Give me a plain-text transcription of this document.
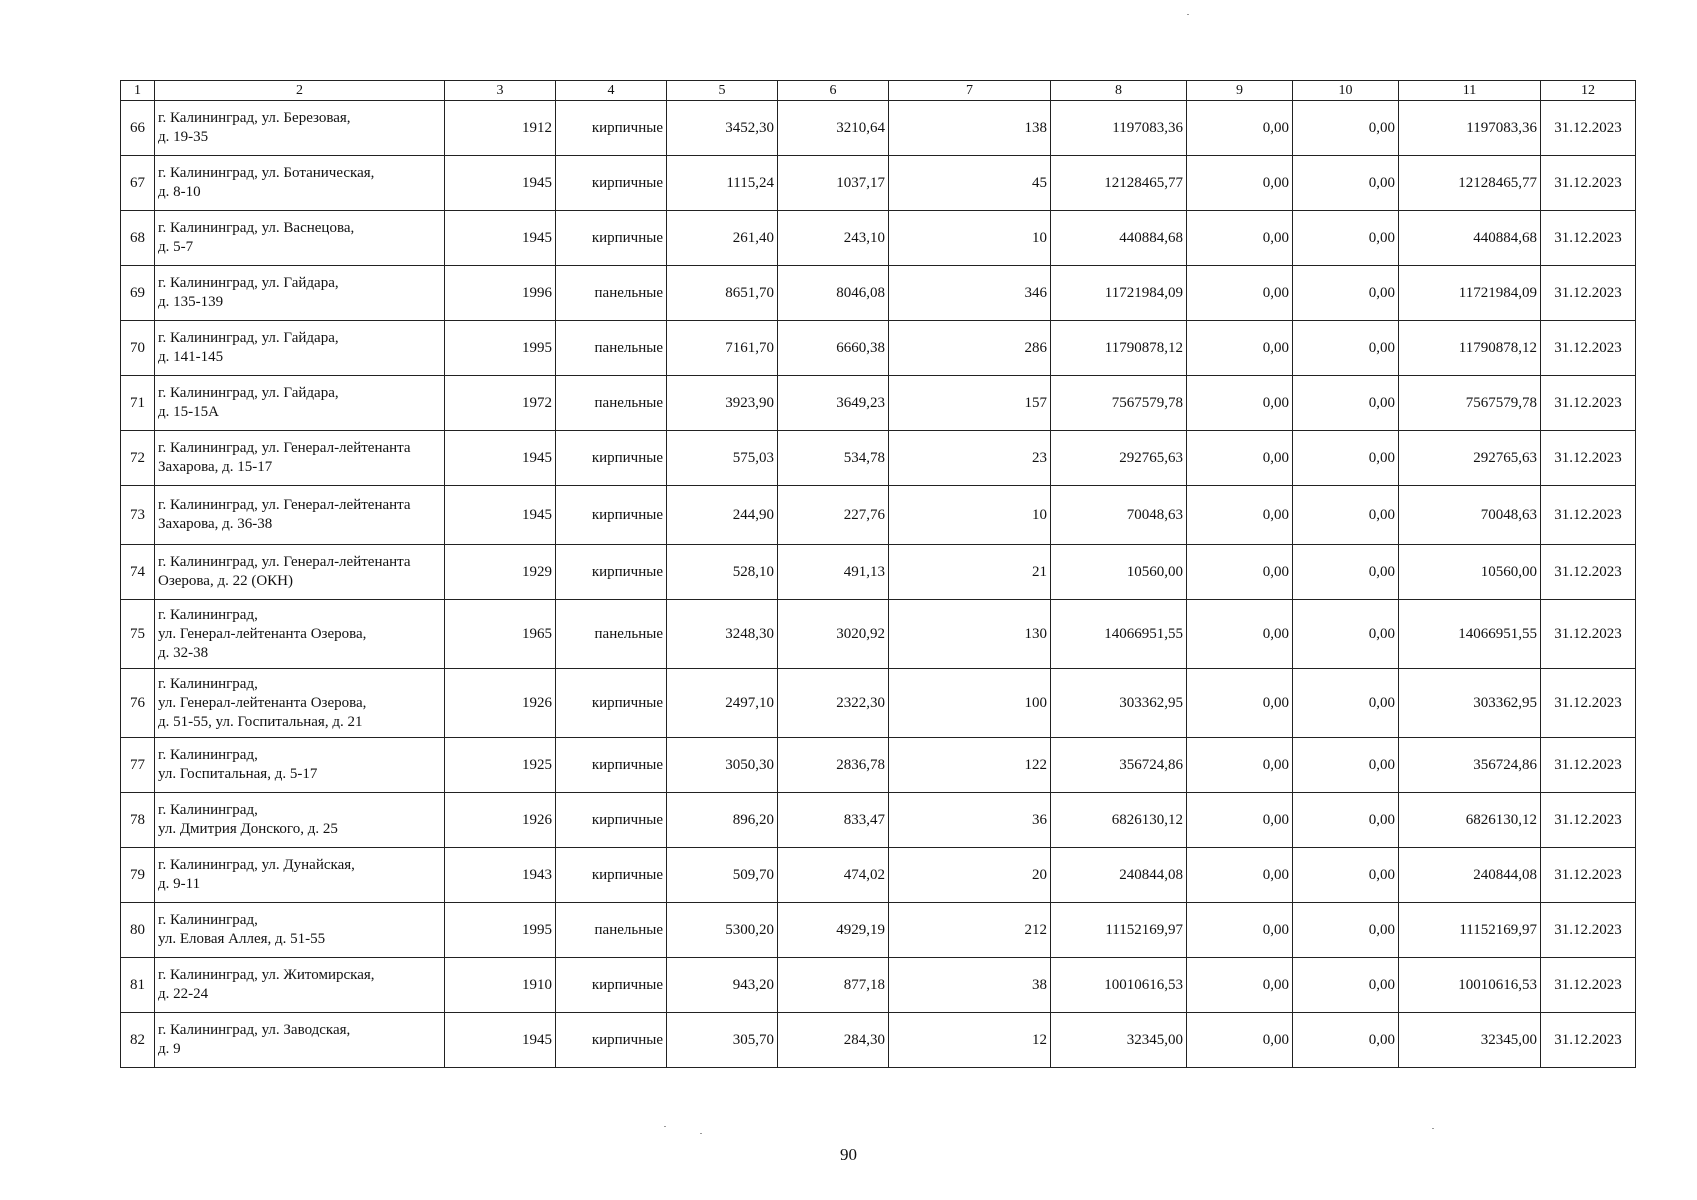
1	2	3	4	5	6	7	8	9	10	11	12
66	г. Калининград, ул. Березовая,
д. 19-35	1912	кирпичные	3452,30	3210,64	138	1197083,36	0,00	0,00	1197083,36	31.12.2023
67	г. Калининград, ул. Ботаническая,
д. 8-10	1945	кирпичные	1115,24	1037,17	45	12128465,77	0,00	0,00	12128465,77	31.12.2023
68	г. Калининград, ул. Васнецова,
д. 5-7	1945	кирпичные	261,40	243,10	10	440884,68	0,00	0,00	440884,68	31.12.2023
69	г. Калининград, ул. Гайдара,
д. 135-139	1996	панельные	8651,70	8046,08	346	11721984,09	0,00	0,00	11721984,09	31.12.2023
70	г. Калининград, ул. Гайдара,
д. 141-145	1995	панельные	7161,70	6660,38	286	11790878,12	0,00	0,00	11790878,12	31.12.2023
71	г. Калининград, ул. Гайдара,
д. 15-15А	1972	панельные	3923,90	3649,23	157	7567579,78	0,00	0,00	7567579,78	31.12.2023
72	г. Калининград, ул. Генерал-лейтенанта
Захарова, д. 15-17	1945	кирпичные	575,03	534,78	23	292765,63	0,00	0,00	292765,63	31.12.2023
73	г. Калининград, ул. Генерал-лейтенанта
Захарова, д. 36-38	1945	кирпичные	244,90	227,76	10	70048,63	0,00	0,00	70048,63	31.12.2023
74	г. Калининград, ул. Генерал-лейтенанта
Озерова, д. 22 (ОКН)	1929	кирпичные	528,10	491,13	21	10560,00	0,00	0,00	10560,00	31.12.2023
75	г. Калининград,
ул. Генерал-лейтенанта Озерова,
д. 32-38	1965	панельные	3248,30	3020,92	130	14066951,55	0,00	0,00	14066951,55	31.12.2023
76	г. Калининград,
ул. Генерал-лейтенанта Озерова,
д. 51-55, ул. Госпитальная, д. 21	1926	кирпичные	2497,10	2322,30	100	303362,95	0,00	0,00	303362,95	31.12.2023
77	г. Калининград,
ул. Госпитальная, д. 5-17	1925	кирпичные	3050,30	2836,78	122	356724,86	0,00	0,00	356724,86	31.12.2023
78	г. Калининград,
ул. Дмитрия Донского, д. 25	1926	кирпичные	896,20	833,47	36	6826130,12	0,00	0,00	6826130,12	31.12.2023
79	г. Калининград, ул. Дунайская,
д. 9-11	1943	кирпичные	509,70	474,02	20	240844,08	0,00	0,00	240844,08	31.12.2023
80	г. Калининград,
ул. Еловая Аллея, д. 51-55	1995	панельные	5300,20	4929,19	212	11152169,97	0,00	0,00	11152169,97	31.12.2023
81	г. Калининград, ул. Житомирская,
д. 22-24	1910	кирпичные	943,20	877,18	38	10010616,53	0,00	0,00	10010616,53	31.12.2023
82	г. Калининград, ул. Заводская,
д. 9	1945	кирпичные	305,70	284,30	12	32345,00	0,00	0,00	32345,00	31.12.2023
90
